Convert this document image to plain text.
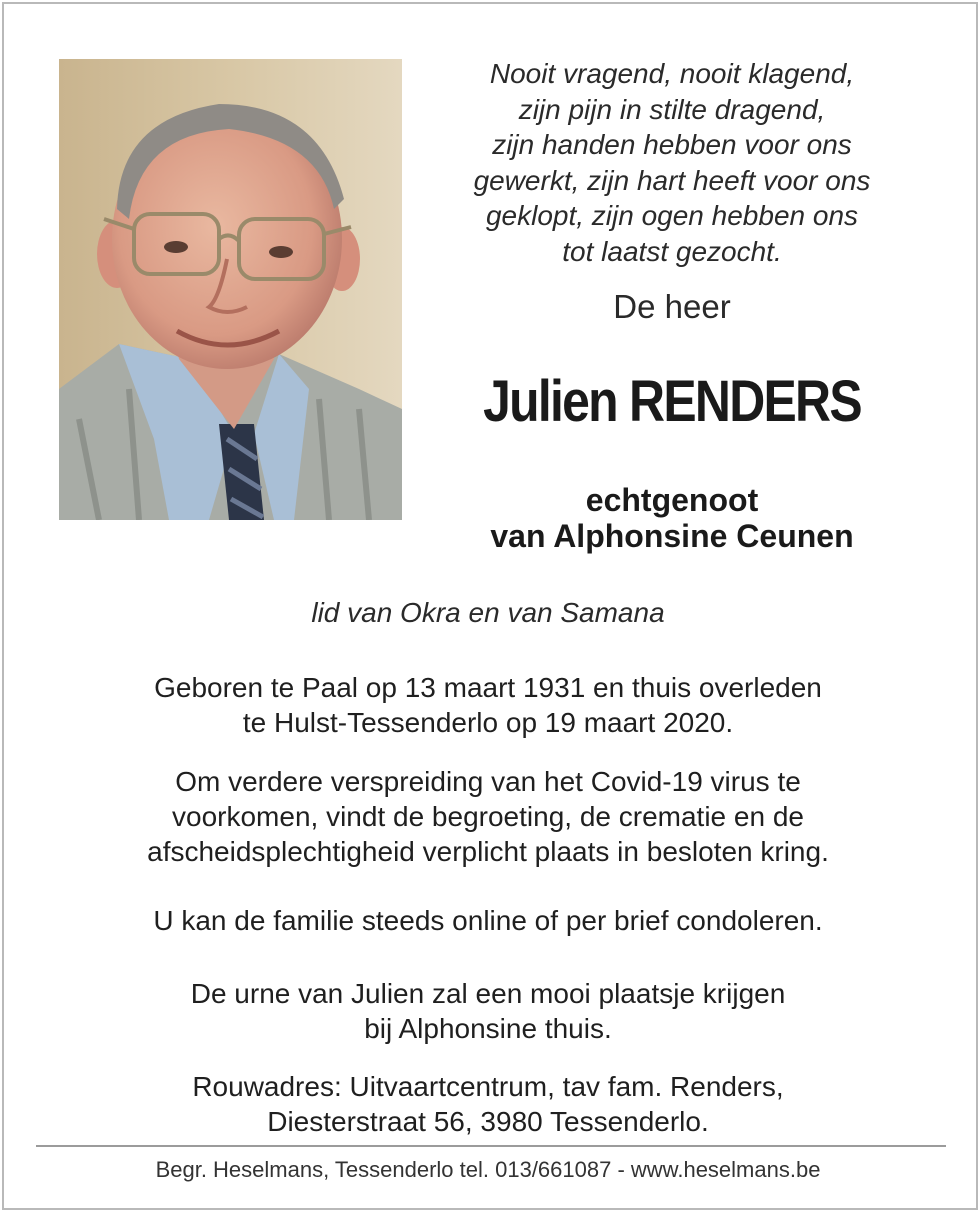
Nooit vragend, nooit klagend,
zijn pijn in stilte dragend,
zijn handen hebben voor ons
gewerkt, zijn hart heeft voor ons
geklopt, zijn ogen hebben ons
tot laatst gezocht.
De heer
Julien RENDERS
echtgenoot
van Alphonsine Ceunen
lid van Okra en van Samana
Geboren te Paal op 13 maart 1931 en thuis overleden
te Hulst-Tessenderlo op 19 maart 2020.
Om verdere verspreiding van het Covid-19 virus te
voorkomen, vindt de begroeting, de crematie en de
afscheidsplechtigheid verplicht plaats in besloten kring.
U kan de familie steeds online of per brief condoleren.
De urne van Julien zal een mooi plaatsje krijgen
bij Alphonsine thuis.
Rouwadres: Uitvaartcentrum, tav fam. Renders,
Diesterstraat 56, 3980 Tessenderlo.
Begr. Heselmans, Tessenderlo tel. 013/661087 - www.heselmans.be
